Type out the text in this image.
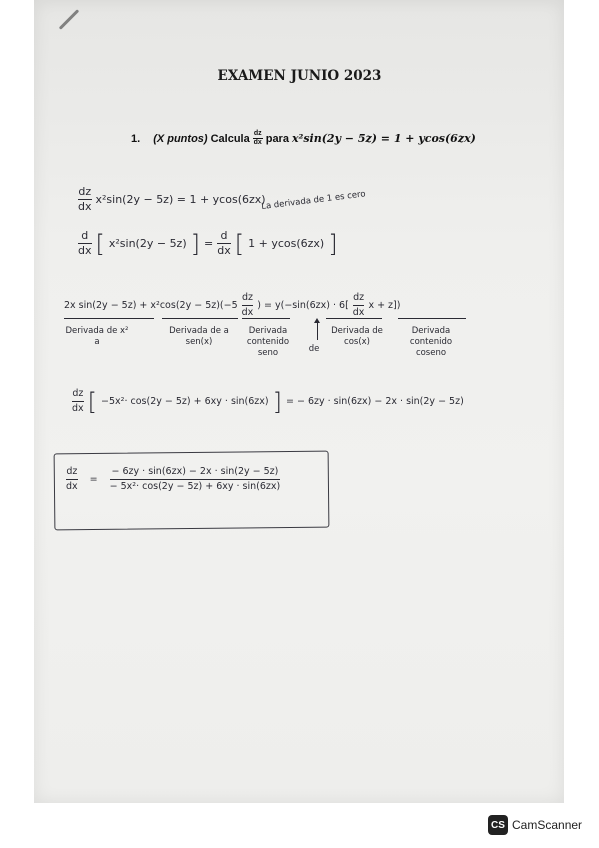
EXAMEN JUNIO 2023
1. (X puntos) Calcula dz
dx para x²sin(2y − 5z) = 1 + ycos(6zx)
$\frac{dz}{dx} x^2\sin(2y - 5z) = 1 + ycos(6zx)$
La derivada de 1 es cero
$\frac{d}{dx}$ [ x²sin(2y − 5z) ] = $\frac{d}{dx}$ [ 1 + ycos(6zx) ]
2x $\sin(2y - 5z) + x^2\cos(2y - 5z)(-5 \frac{dz}{dx}$ ) = $y(-\sin(6zx) \cdot 6[ \frac{dz}{dx}$ x + z])
Derivada de x² a
Derivada de a sen(x)
Derivada contenido seno	de
Derivada de cos(x)
Derivada contenido coseno
$\frac{dz}{dx}$ [ −5x²· cos(2y − 5z) + 6xy · sin(6zx) ] = − 6zy · sin(6zx) − 2x · sin(2y − 5z)
$\frac{dz}{dx} = \frac{- 6zy \cdot \sin(6zx) - 2x \cdot \sin(2y - 5z)}{\text{− 5x²· cos(2y − 5z) + 6xy · sin(6zx)}}$
CS CamScanner
